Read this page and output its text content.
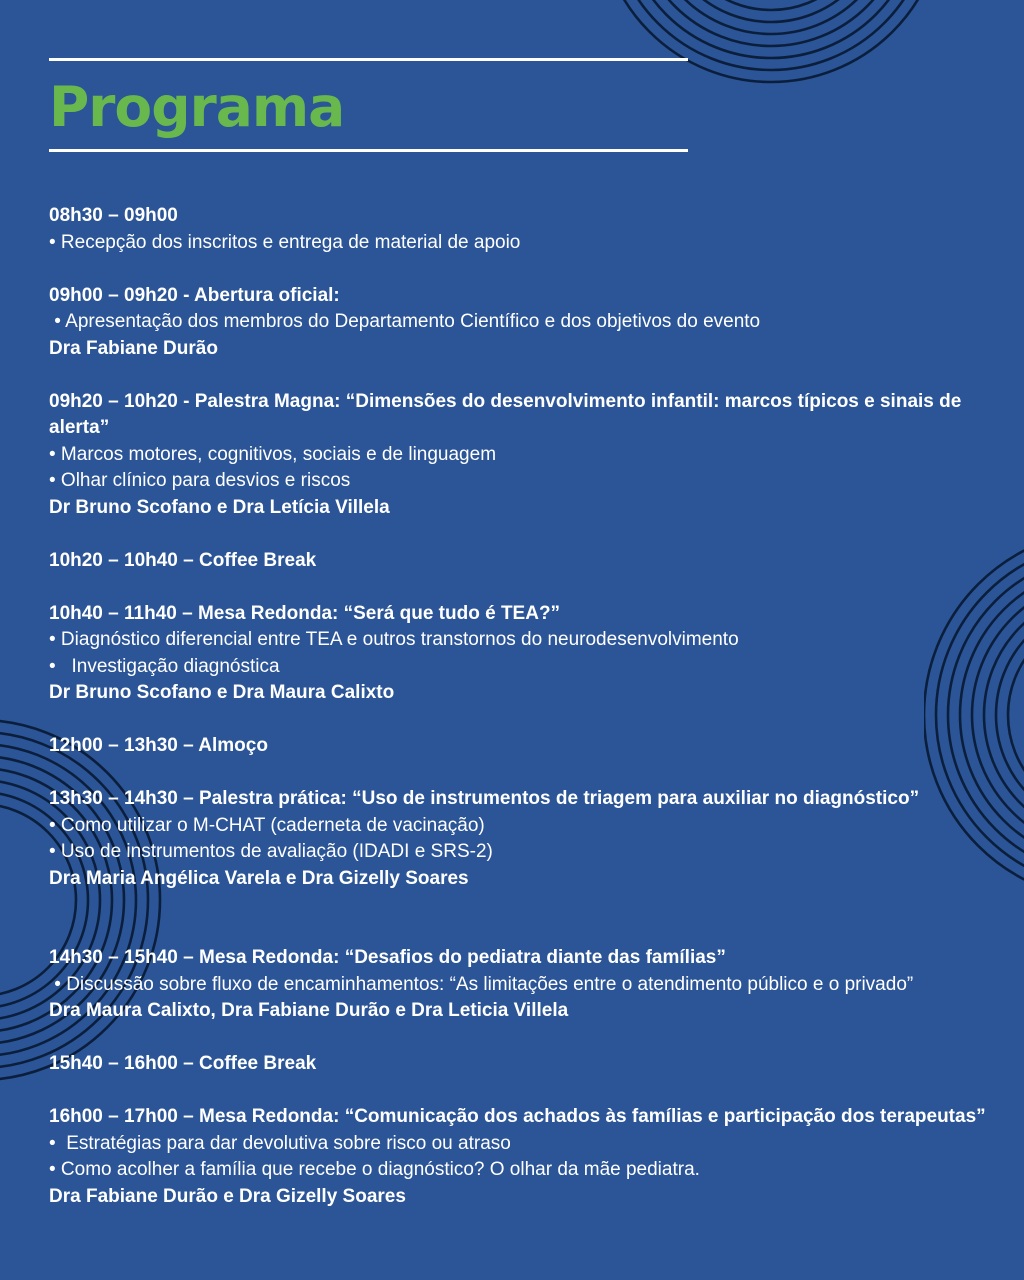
Programa

08h30 – 09h00

• Recepção dos inscritos e entrega de material de apoio

09h00 – 09h20 - Abertura oficial:

• Apresentação dos membros do Departamento Científico e dos objetivos do evento

Dra Fabiane Durão

09h20 – 10h20 - Palestra Magna: “Dimensões do desenvolvimento infantil: marcos típicos e sinais de alerta”

• Marcos motores, cognitivos, sociais e de linguagem

• Olhar clínico para desvios e riscos

Dr Bruno Scofano e Dra Letícia Villela

10h20 – 10h40 – Coffee Break

10h40 – 11h40 – Mesa Redonda: “Será que tudo é TEA?”

• Diagnóstico diferencial entre TEA e outros transtornos do neurodesenvolvimento

•   Investigação diagnóstica

Dr Bruno Scofano e Dra Maura Calixto

12h00 – 13h30 – Almoço

13h30 – 14h30 – Palestra prática: “Uso de instrumentos de triagem para auxiliar no diagnóstico”

• Como utilizar o M-CHAT (caderneta de vacinação)

• Uso de instrumentos de avaliação (IDADI e SRS-2)

Dra Maria Angélica Varela e Dra Gizelly Soares

14h30 – 15h40 – Mesa Redonda: “Desafios do pediatra diante das famílias”

• Discussão sobre fluxo de encaminhamentos: “As limitações entre o atendimento público e o privado”

Dra Maura Calixto, Dra Fabiane Durão e Dra Leticia Villela

15h40 – 16h00 – Coffee Break

16h00 – 17h00 – Mesa Redonda: “Comunicação dos achados às famílias e participação dos terapeutas”

•  Estratégias para dar devolutiva sobre risco ou atraso

• Como acolher a família que recebe o diagnóstico? O olhar da mãe pediatra.

Dra Fabiane Durão e Dra Gizelly Soares
